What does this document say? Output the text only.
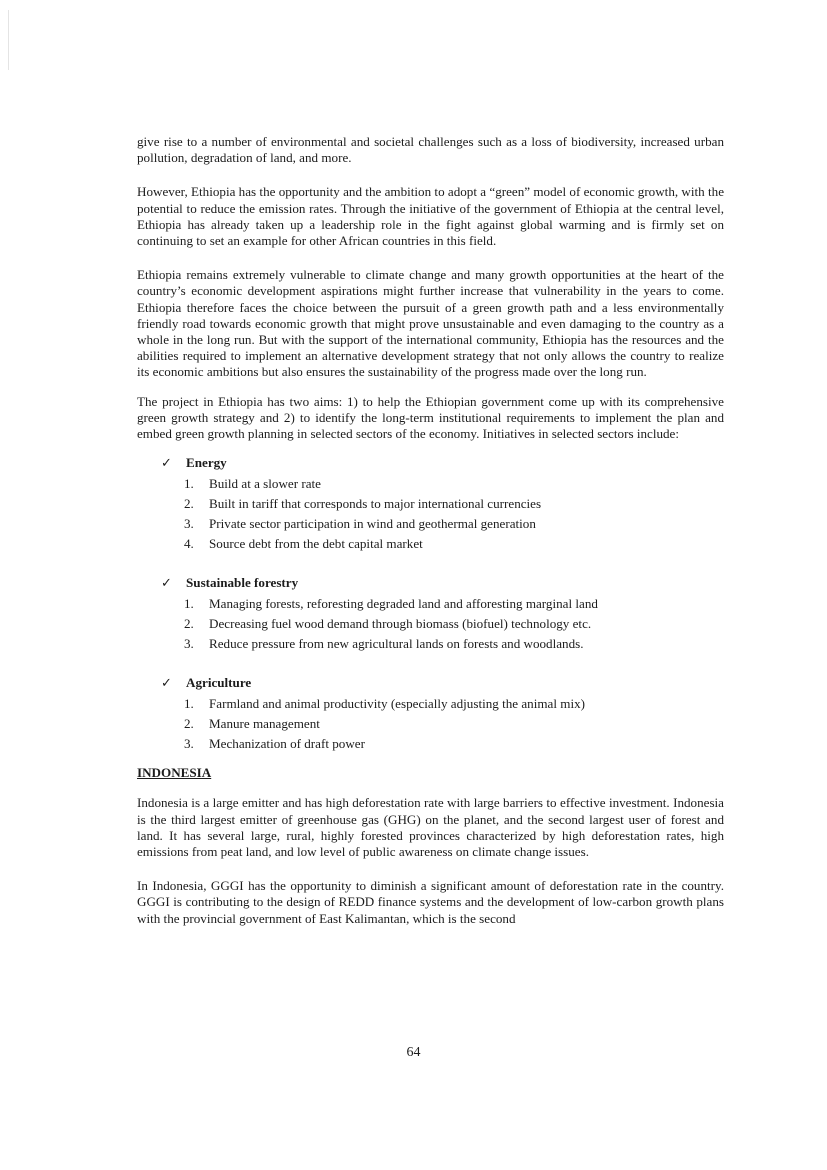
give rise to a number of environmental and societal challenges such as a loss of biodiversity, increased urban pollution, degradation of land, and more.

However, Ethiopia has the opportunity and the ambition to adopt a “green” model of economic growth, with the potential to reduce the emission rates. Through the initiative of the government of Ethiopia at the central level, Ethiopia has already taken up a leadership role in the fight against global warming and is firmly set on continuing to set an example for other African countries in this field.

Ethiopia remains extremely vulnerable to climate change and many growth opportunities at the heart of the country’s economic development aspirations might further increase that vulnerability in the years to come. Ethiopia therefore faces the choice between the pursuit of a green growth path and a less environmentally friendly road towards economic growth that might prove unsustainable and even damaging to the country as a whole in the long run. But with the support of the international community, Ethiopia has the resources and the abilities required to implement an alternative development strategy that not only allows the country to realize its economic ambitions but also ensures the sustainability of the progress made over the long run.

The project in Ethiopia has two aims: 1) to help the Ethiopian government come up with its comprehensive green growth strategy and 2) to identify the long-term institutional requirements to implement the plan and embed green growth planning in selected sectors of the economy. Initiatives in selected sectors include:

✓	Energy
1.	Build at a slower rate
2.	Built in tariff that corresponds to major international currencies
3.	Private sector participation in wind and geothermal generation
4.	Source debt from the debt capital market
✓	Sustainable forestry
1.	Managing forests, reforesting degraded land and afforesting marginal land
2.	Decreasing fuel wood demand through biomass (biofuel) technology etc.
3.	Reduce pressure from new agricultural lands on forests and woodlands.
✓	Agriculture
1.	Farmland and animal productivity (especially adjusting the animal mix)
2.	Manure management
3.	Mechanization of draft power
INDONESIA

Indonesia is a large emitter and has high deforestation rate with large barriers to effective investment. Indonesia is the third largest emitter of greenhouse gas (GHG) on the planet, and the second largest user of forest and land. It has several large, rural, highly forested provinces characterized by high deforestation rates, high emissions from peat land, and low level of public awareness on climate change issues.

In Indonesia, GGGI has the opportunity to diminish a significant amount of deforestation rate in the country. GGGI is contributing to the design of REDD finance systems and the development of low-carbon growth plans with the provincial government of East Kalimantan, which is the second

64
